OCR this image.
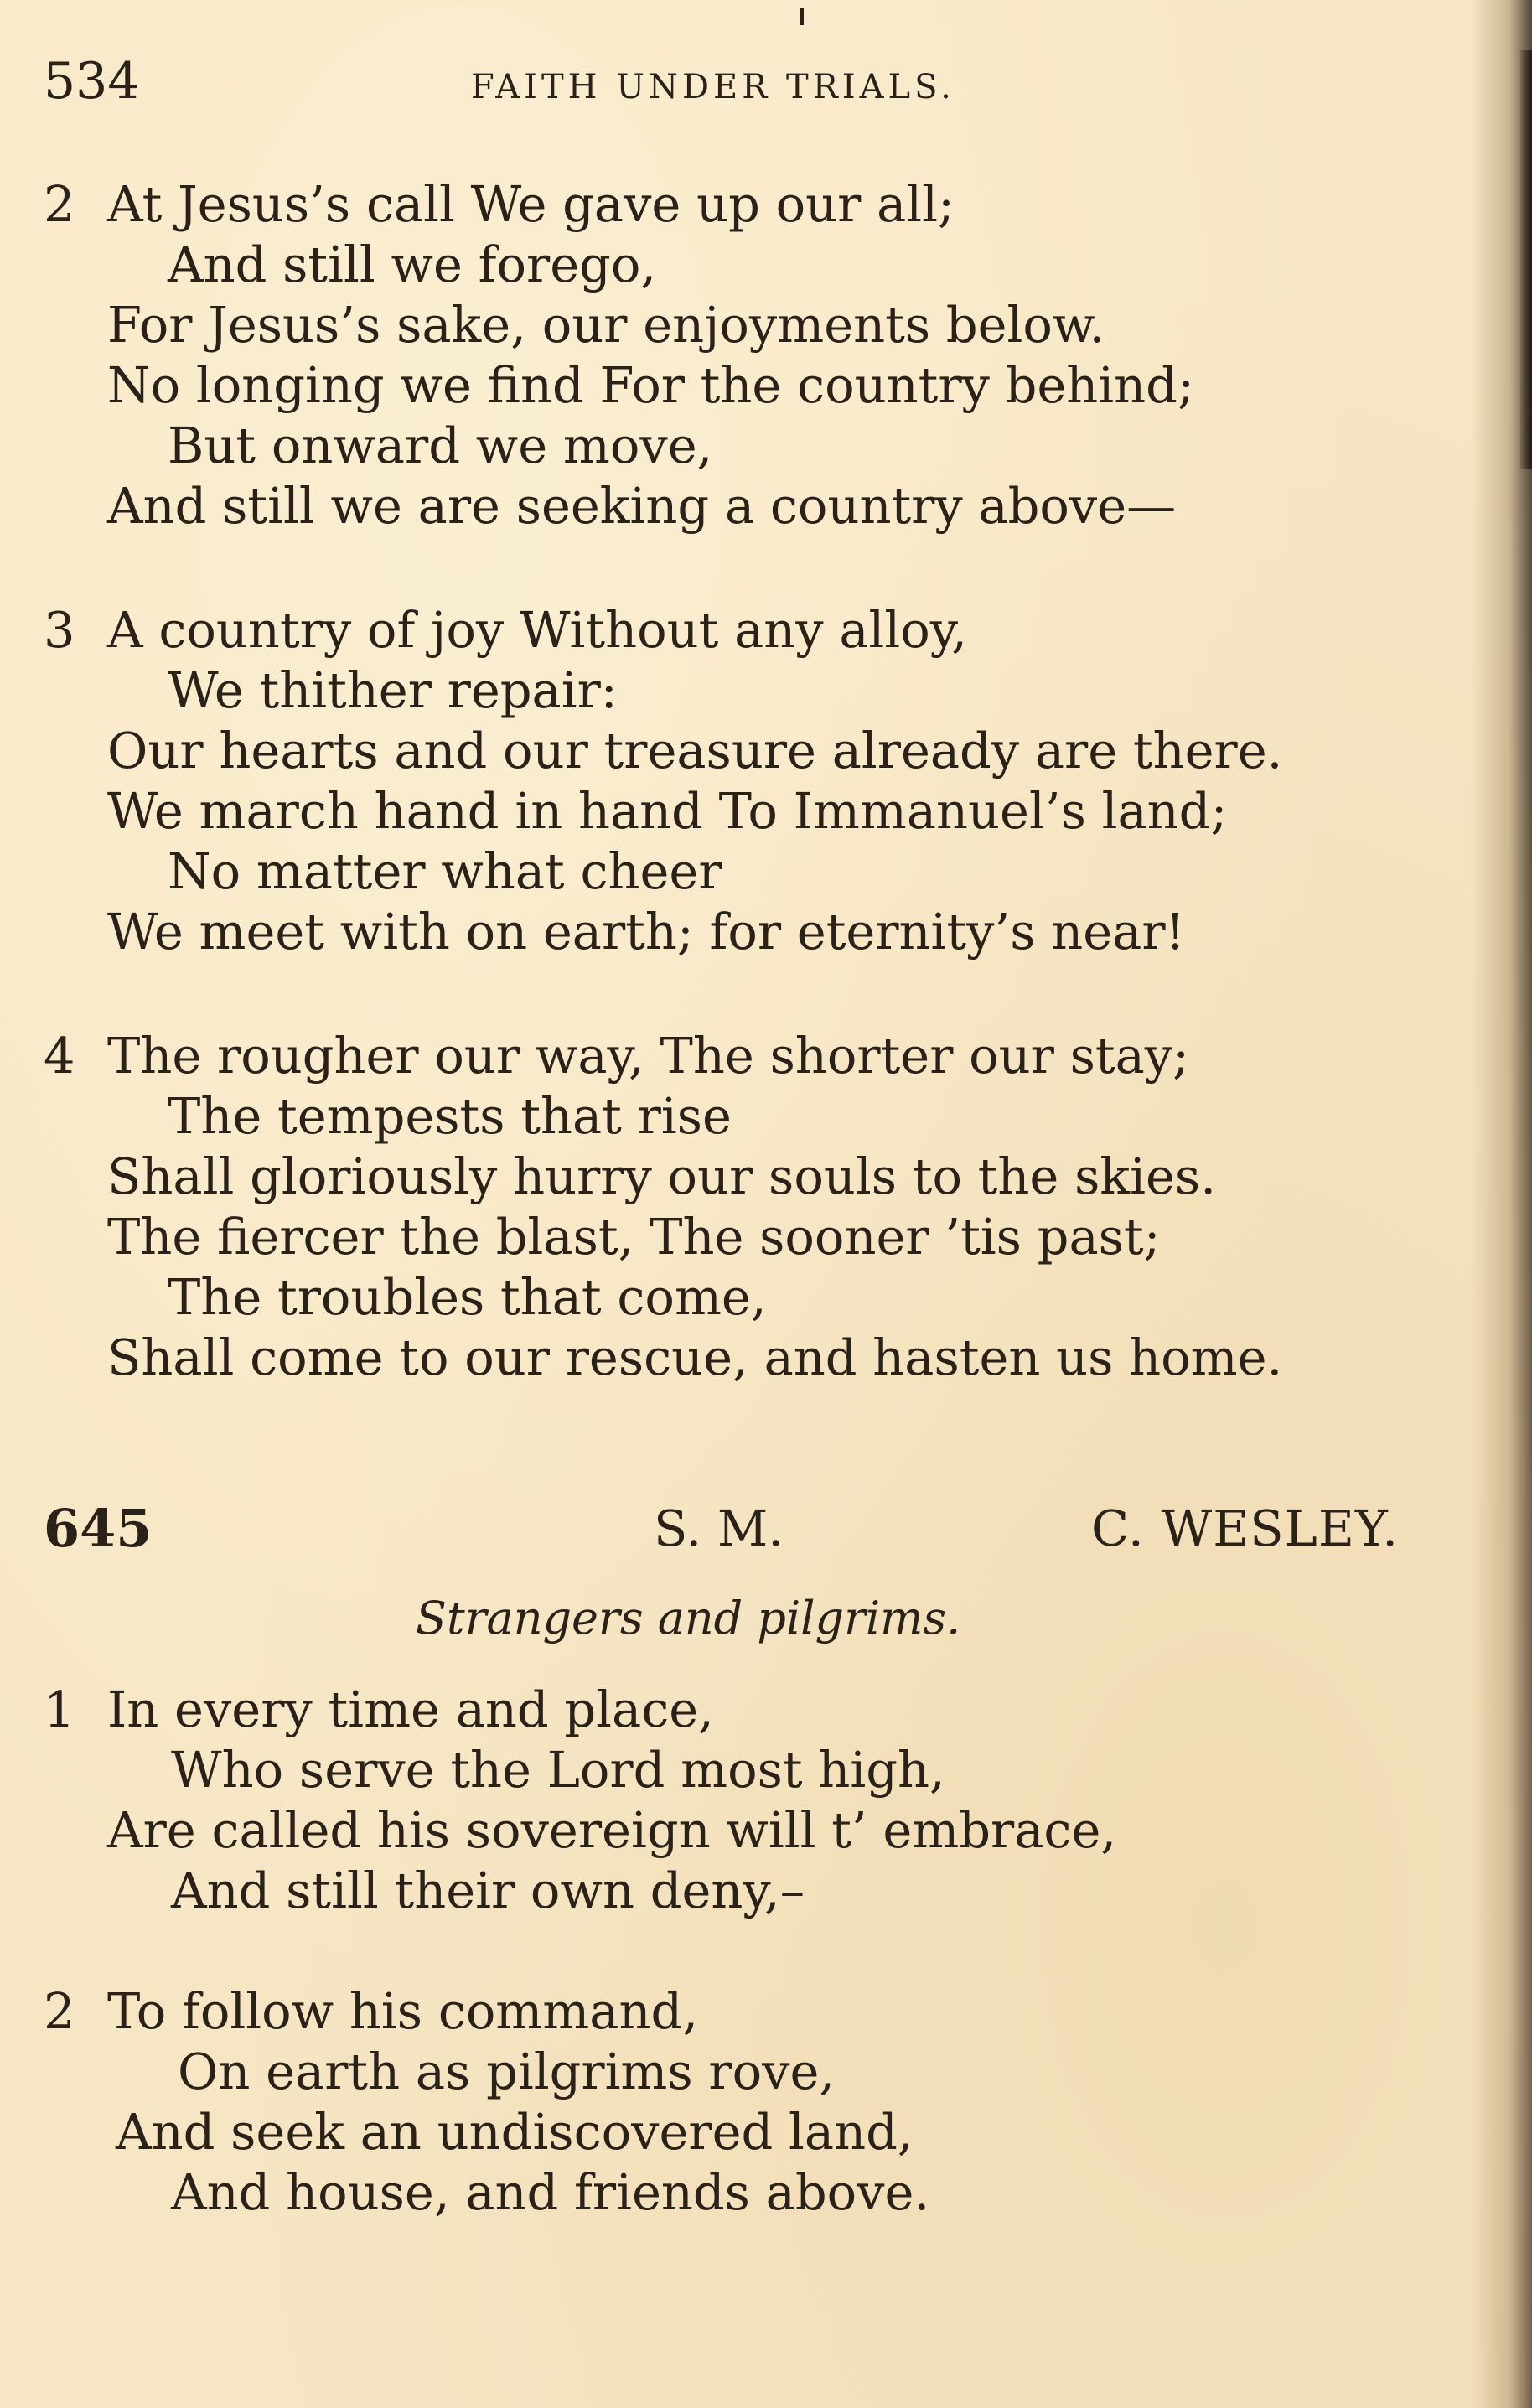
534	FAITH UNDER TRIALS.
2 At Jesus’s call We gave up our all;
And still we forego,
For Jesus’s sake, our enjoyments below.
No longing we find For the country behind;
But onward we move,
And still we are seeking a country above—
3 A country of joy Without any alloy,
We thither repair:
Our hearts and our treasure already are there.
We march hand in hand To Immanuel’s land;
No matter what cheer
We meet with on earth; for eternity’s near!
4 The rougher our way, The shorter our stay;
The tempests that rise
Shall gloriously hurry our souls to the skies.
The fiercer the blast, The sooner ’tis past;
The troubles that come,
Shall come to our rescue, and hasten us home.
645	S. M.	C. WESLEY.
Strangers and pilgrims.
1 In every time and place,
Who serve the Lord most high,
Are called his sovereign will t’ embrace,
And still their own deny,–
2 To follow his command,
On earth as pilgrims rove,
And seek an undiscovered land,
And house, and friends above.
